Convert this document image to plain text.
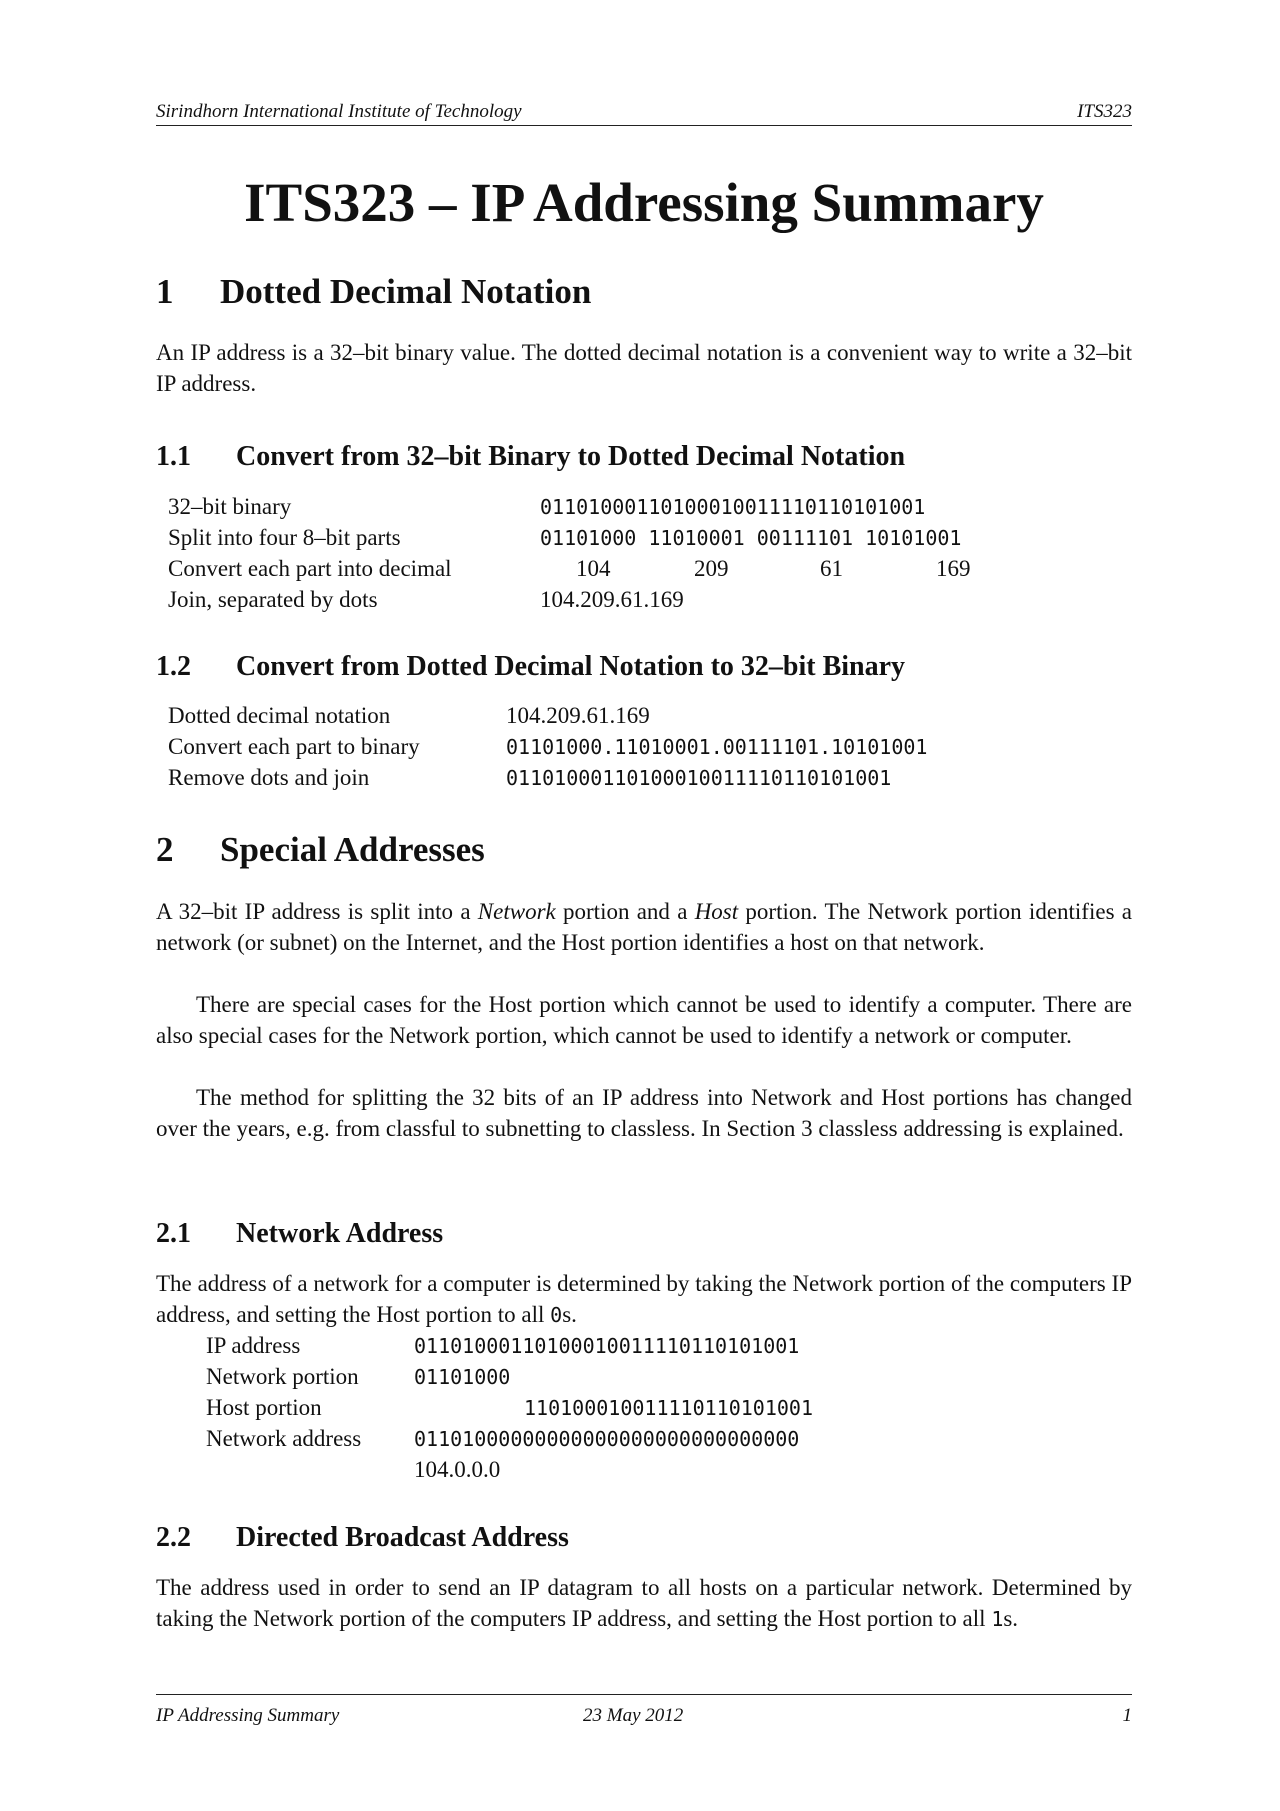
Sirindhorn International Institute of Technology	ITS323
ITS323 – IP Addressing Summary
1 Dotted Decimal Notation

An IP address is a 32–bit binary value. The dotted decimal notation is a convenient way to write a 32–bit IP address.

1.1 Convert from 32–bit Binary to Dotted Decimal Notation
32–bit binary	01101000110100010011110110101001
Split into four 8–bit parts	01101000 11010001 00111101 10101001
Convert each part into decimal	104	209	61	169
Join, separated by dots	104.209.61.169
1.2 Convert from Dotted Decimal Notation to 32–bit Binary
Dotted decimal notation	104.209.61.169
Convert each part to binary	01101000.11010001.00111101.10101001
Remove dots and join	01101000110100010011110110101001
2 Special Addresses

A 32–bit IP address is split into a Network portion and a Host portion. The Network portion identifies a network (or subnet) on the Internet, and the Host portion identifies a host on that network.

There are special cases for the Host portion which cannot be used to identify a computer. There are also special cases for the Network portion, which cannot be used to identify a network or computer.

The method for splitting the 32 bits of an IP address into Network and Host portions has changed over the years, e.g. from classful to subnetting to classless. In Section 3 classless addressing is explained.

2.1 Network Address

The address of a network for a computer is determined by taking the Network portion of the computers IP address, and setting the Host portion to all 0s.

IP address	01101000110100010011110110101001
Network portion	01101000
Host portion	110100010011110110101001
Network address	01101000000000000000000000000000
104.0.0.0
2.2 Directed Broadcast Address

The address used in order to send an IP datagram to all hosts on a particular network. Determined by taking the Network portion of the computers IP address, and setting the Host portion to all 1s.

IP Addressing Summary	23 May 2012	1
